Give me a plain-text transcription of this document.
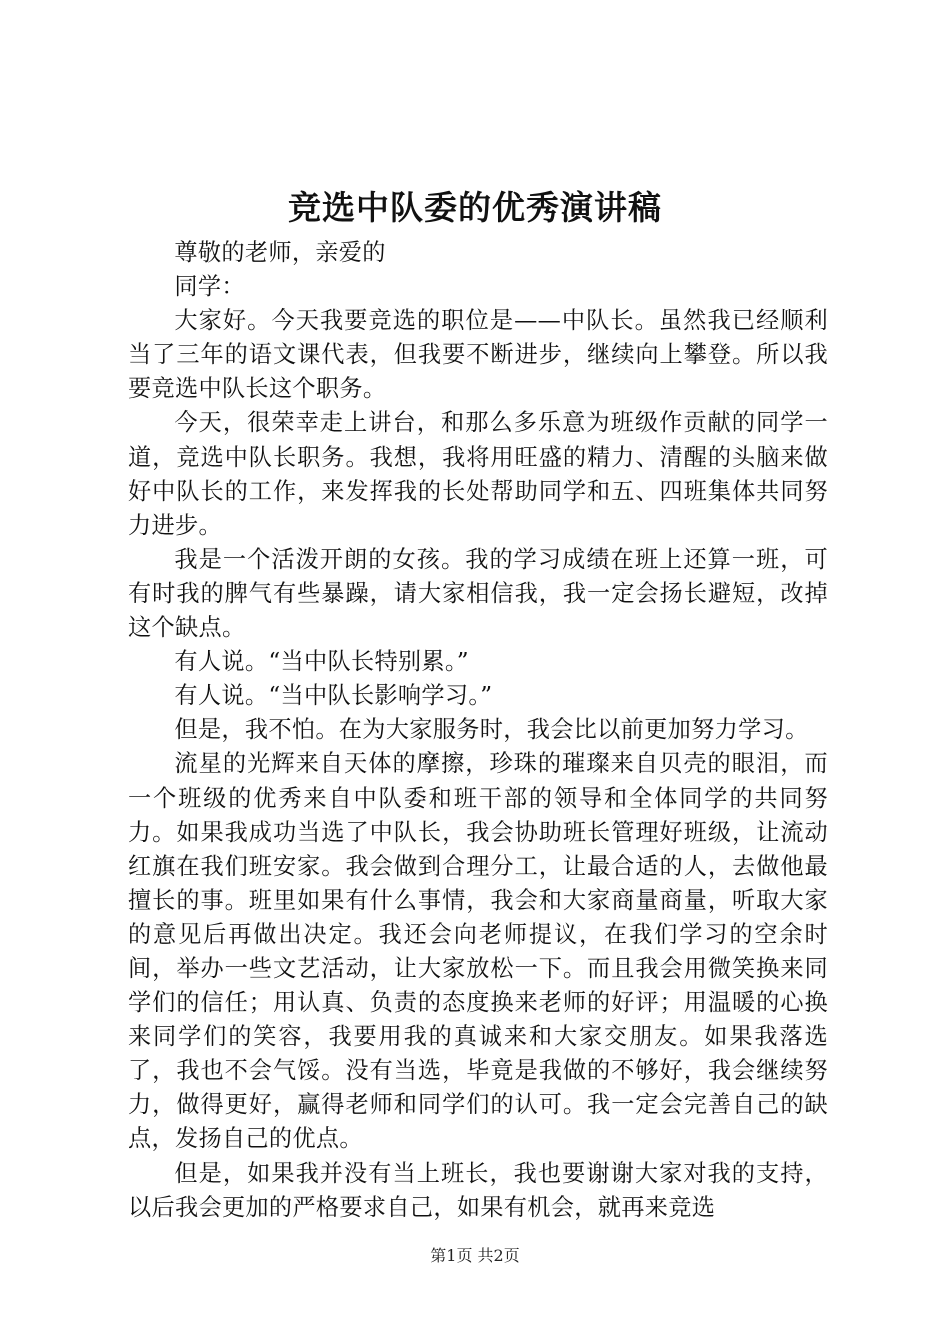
竞选中队委的优秀演讲稿

尊敬的老师，亲爱的

同学：

大家好。今天我要竞选的职位是——中队长。虽然我已经顺利当了三年的语文课代表，但我要不断进步，继续向上攀登。所以我要竞选中队长这个职务。

今天，很荣幸走上讲台，和那么多乐意为班级作贡献的同学一道，竞选中队长职务。我想，我将用旺盛的精力、清醒的头脑来做好中队长的工作，来发挥我的长处帮助同学和五、四班集体共同努力进步。

我是一个活泼开朗的女孩。我的学习成绩在班上还算一班，可有时我的脾气有些暴躁，请大家相信我，我一定会扬长避短，改掉这个缺点。

有人说。“当中队长特别累。”

有人说。“当中队长影响学习。”

但是，我不怕。在为大家服务时，我会比以前更加努力学习。

流星的光辉来自天体的摩擦，珍珠的璀璨来自贝壳的眼泪，而一个班级的优秀来自中队委和班干部的领导和全体同学的共同努力。如果我成功当选了中队长，我会协助班长管理好班级，让流动红旗在我们班安家。我会做到合理分工，让最合适的人，去做他最擅长的事。班里如果有什么事情，我会和大家商量商量，听取大家的意见后再做出决定。我还会向老师提议，在我们学习的空余时间，举办一些文艺活动，让大家放松一下。而且我会用微笑换来同学们的信任；用认真、负责的态度换来老师的好评；用温暖的心换来同学们的笑容，我要用我的真诚来和大家交朋友。如果我落选了，我也不会气馁。没有当选，毕竟是我做的不够好，我会继续努力，做得更好，赢得老师和同学们的认可。我一定会完善自己的缺点，发扬自己的优点。

但是，如果我并没有当上班长，我也要谢谢大家对我的支持，以后我会更加的严格要求自己，如果有机会，就再来竞选

第1页 共2页
